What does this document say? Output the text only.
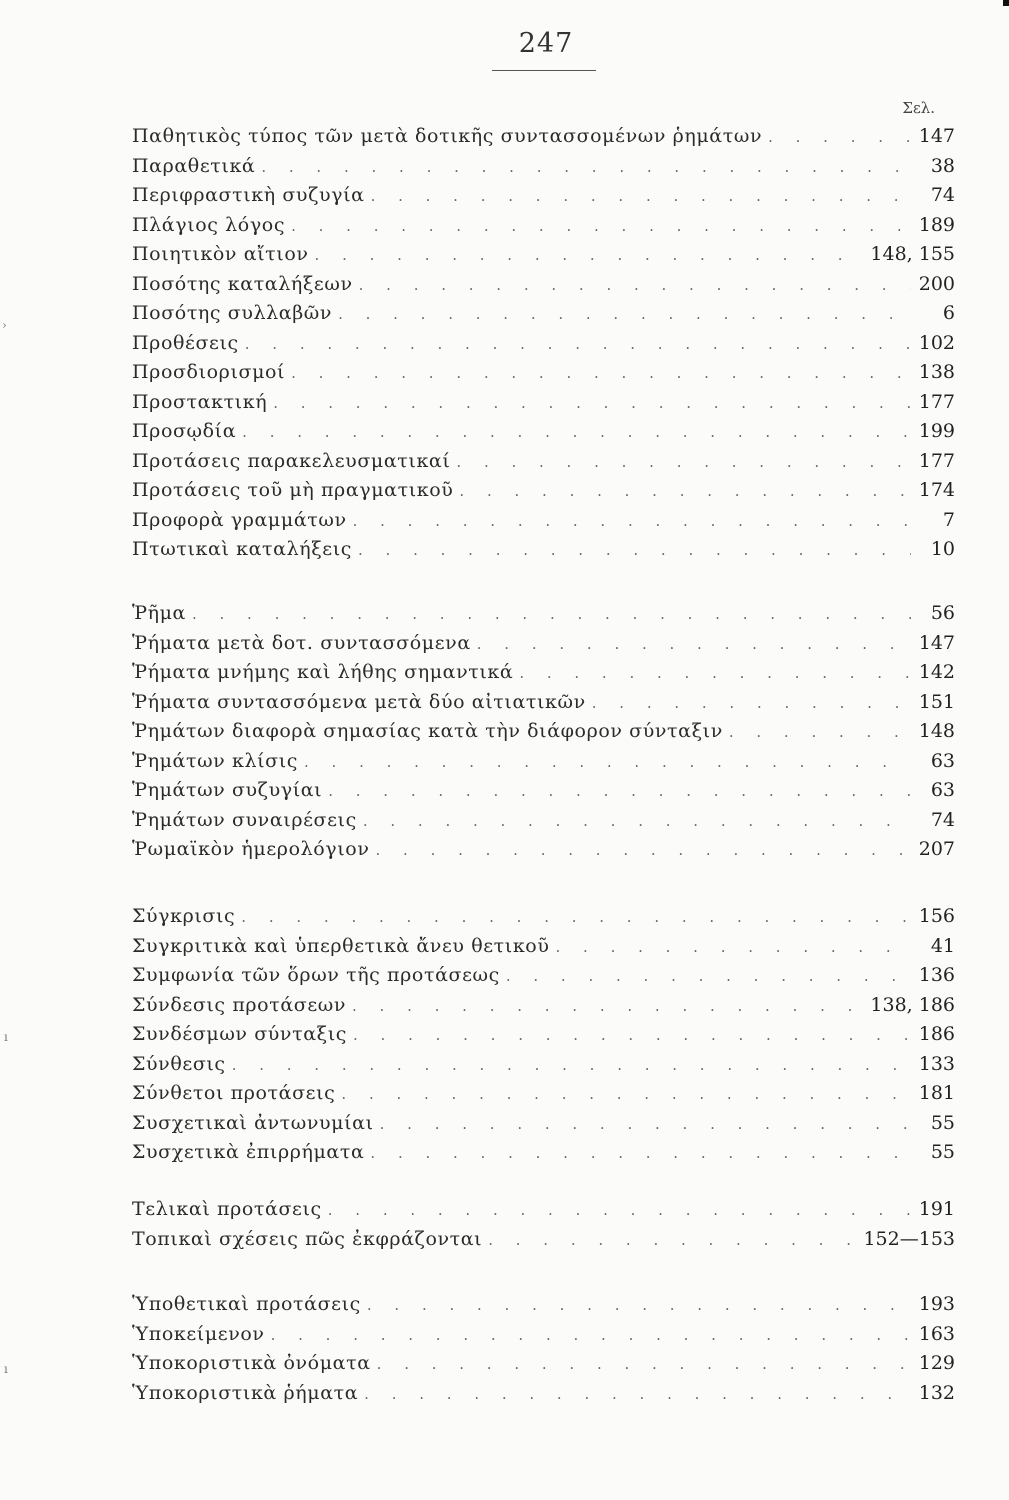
247
Σελ.
Παθητικὸς τύπος τῶν μετὰ δοτικῆς συντασσομένων ῥημάτων . . .	147
Παραθετικά . . .	38
Περιφραστικὴ συζυγία . . .	74
Πλάγιος λόγος . . .	189
Ποιητικὸν αἴτιον . . .	148, 155
Ποσότης καταλήξεων . . .	200
Ποσότης συλλαβῶν . . .	6
Προθέσεις . . .	102
Προσδιορισμοί . . .	138
Προστακτική . . .	177
Προσῳδία . . .	199
Προτάσεις παρακελευσματικαί . . .	177
Προτάσεις τοῦ μὴ πραγματικοῦ . . .	174
Προφορὰ γραμμάτων . . .	7
Πτωτικαὶ καταλήξεις . . .	10
Ῥῆμα . . .	56
Ῥήματα μετὰ δοτ. συντασσόμενα . . .	147
Ῥήματα μνήμης καὶ λήθης σημαντικά . . .	142
Ῥήματα συντασσόμενα μετὰ δύο αἰτιατικῶν . . .	151
Ῥημάτων διαφορὰ σημασίας κατὰ τὴν διάφορον σύνταξιν . . .	148
Ῥημάτων κλίσις . . .	63
Ῥημάτων συζυγίαι . . .	63
Ῥημάτων συναιρέσεις . . .	74
Ῥωμαϊκὸν ἡμερολόγιον . . .	207
Σύγκρισις . . .	156
Συγκριτικὰ καὶ ὑπερθετικὰ ἄνευ θετικοῦ . . .	41
Συμφωνία τῶν ὅρων τῆς προτάσεως . . .	136
Σύνδεσις προτάσεων . . .	138, 186
Συνδέσμων σύνταξις . . .	186
Σύνθεσις . . .	133
Σύνθετοι προτάσεις . . .	181
Συσχετικαὶ ἀντωνυμίαι . . .	55
Συσχετικὰ ἐπιρρήματα . . .	55
Τελικαὶ προτάσεις . . .	191
Τοπικαὶ σχέσεις πῶς ἐκφράζονται . . .	152—153
Ὑποθετικαὶ προτάσεις . . .	193
Ὑποκείμενον . . .	163
Ὑποκοριστικὰ ὀνόματα . . .	129
Ὑποκοριστικὰ ῥήματα . . .	132
›
ı
ı
